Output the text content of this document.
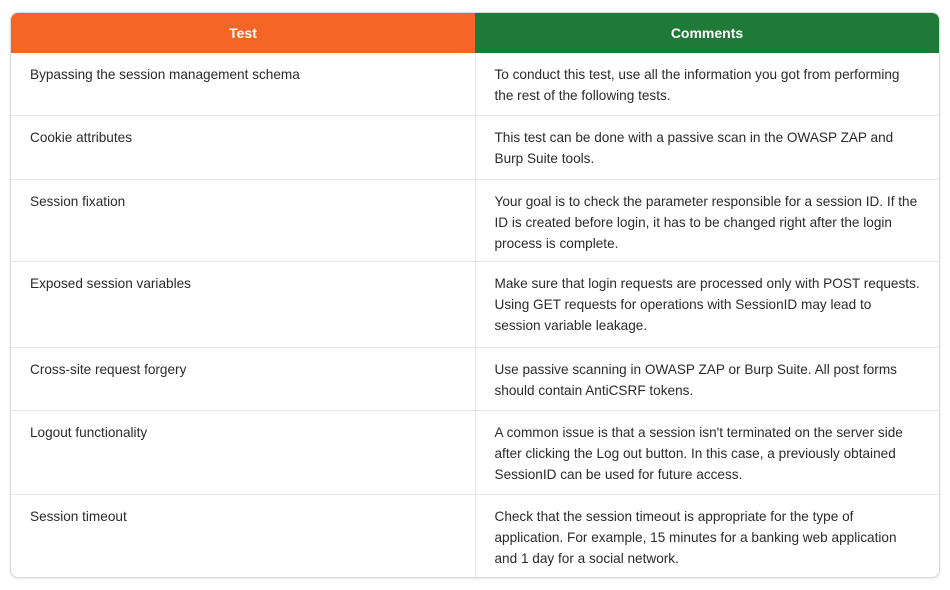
Test	Comments
Bypassing the session management schema	To conduct this test, use all the information you got from performing the rest of the following tests.
Cookie attributes	This test can be done with a passive scan in the OWASP ZAP and Burp Suite tools.
Session fixation	Your goal is to check the parameter responsible for a session ID. If the ID is created before login, it has to be changed right after the login process is complete.
Exposed session variables	Make sure that login requests are processed only with POST requests. Using GET requests for operations with SessionID may lead to session variable leakage.
Cross-site request forgery	Use passive scanning in OWASP ZAP or Burp Suite. All post forms should contain AntiCSRF tokens.
Logout functionality	A common issue is that a session isn't terminated on the server side after clicking the Log out button. In this case, a previously obtained SessionID can be used for future access.
Session timeout	Check that the session timeout is appropriate for the type of application. For example, 15 minutes for a banking web application and 1 day for a social network.
